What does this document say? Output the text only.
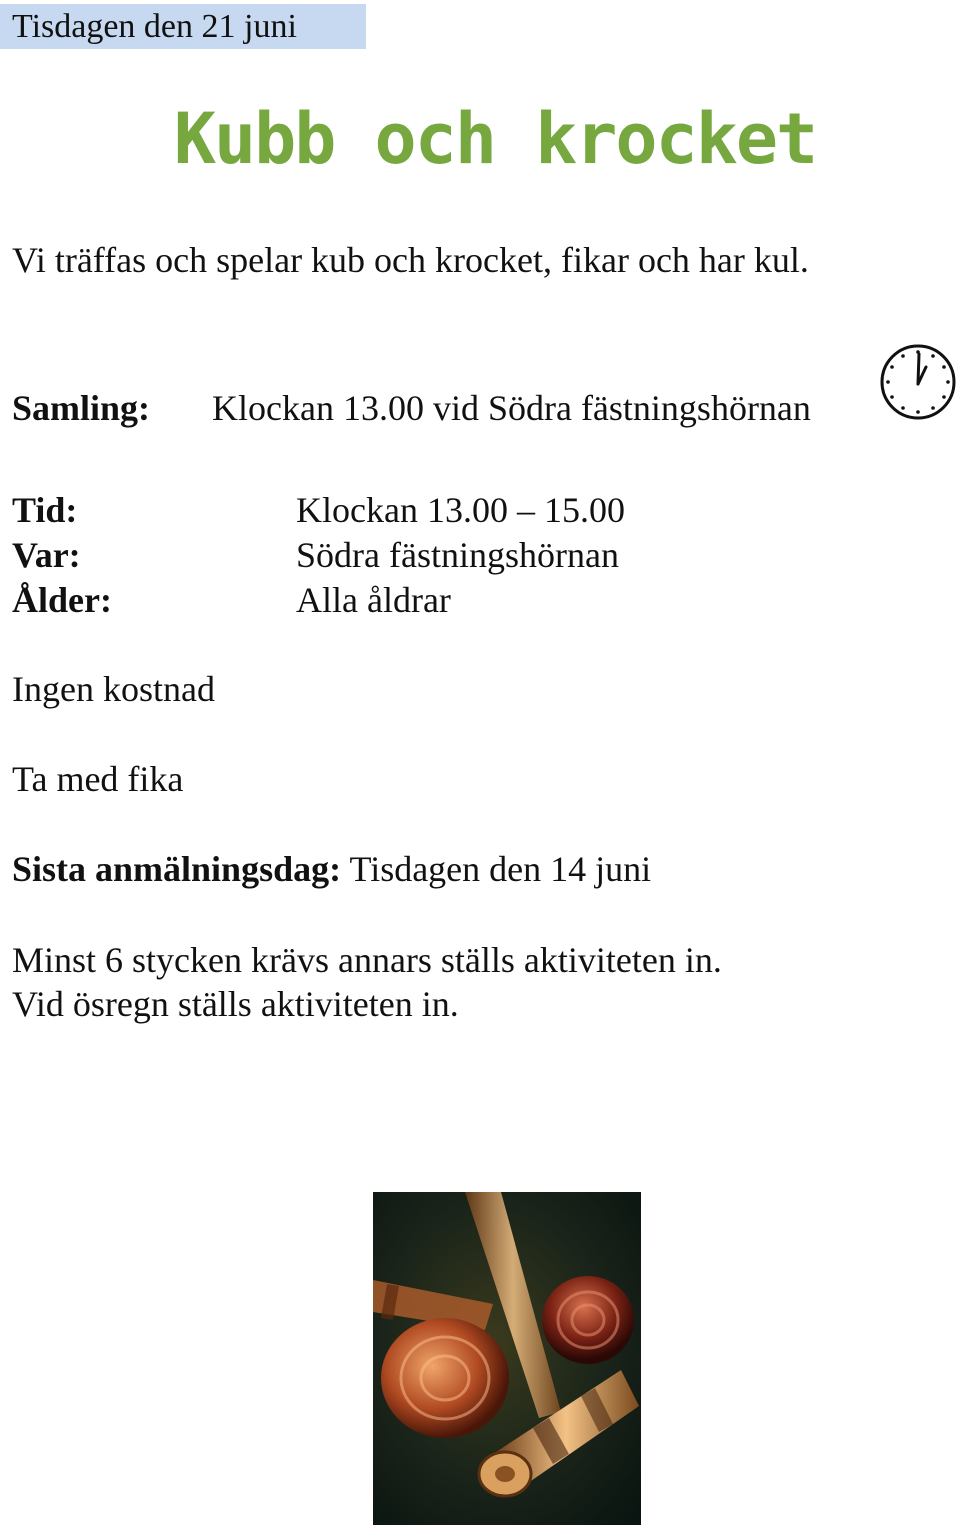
Tisdagen den 21 juni
Kubb och krocket
Vi träffas och spelar kub och krocket, fikar och har kul.
Samling: Klockan 13.00 vid Södra fästningshörnan
Tid:	Klockan 13.00 – 15.00
Var:	Södra fästningshörnan
Ålder:	Alla åldrar
Ingen kostnad
Ta med fika
Sista anmälningsdag: Tisdagen den 14 juni
Minst 6 stycken krävs annars ställs aktiviteten in.
Vid ösregn ställs aktiviteten in.
